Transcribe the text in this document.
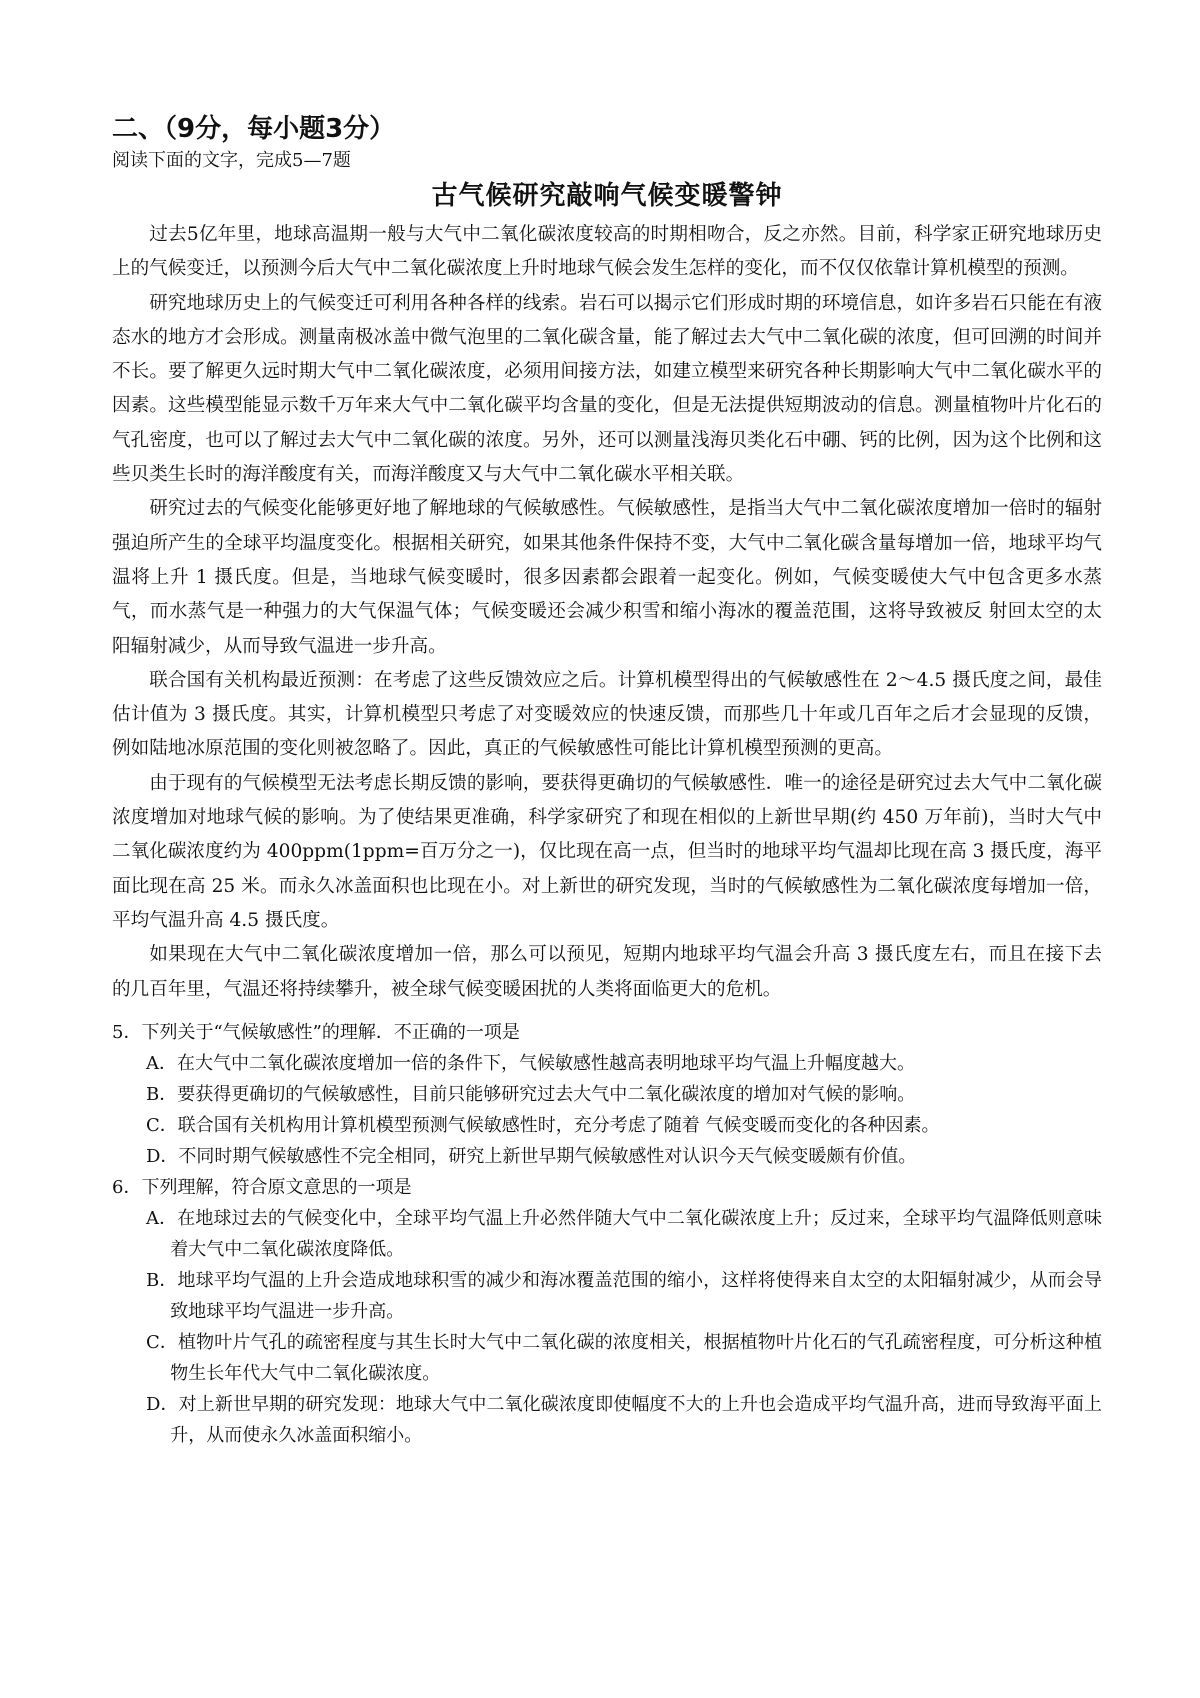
二、（9分，每小题3分）

阅读下面的文字，完成5—7题

古气候研究敲响气候变暖警钟

过去5亿年里，地球高温期一般与大气中二氧化碳浓度较高的时期相吻合，反之亦然。目前，科学家正研究地球历史上的气候变迁，以预测今后大气中二氧化碳浓度上升时地球气候会发生怎样的变化，而不仅仅依靠计算机模型的预测。

研究地球历史上的气候变迁可利用各种各样的线索。岩石可以揭示它们形成时期的环境信息，如许多岩石只能在有液态水的地方才会形成。测量南极冰盖中微气泡里的二氧化碳含量，能了解过去大气中二氧化碳的浓度，但可回溯的时间并不长。要了解更久远时期大气中二氧化碳浓度，必须用间接方法，如建立模型来研究各种长期影响大气中二氧化碳水平的因素。这些模型能显示数千万年来大气中二氧化碳平均含量的变化，但是无法提供短期波动的信息。测量植物叶片化石的气孔密度，也可以了解过去大气中二氧化碳的浓度。另外，还可以测量浅海贝类化石中硼、钙的比例，因为这个比例和这些贝类生长时的海洋酸度有关，而海洋酸度又与大气中二氧化碳水平相关联。

研究过去的气候变化能够更好地了解地球的气候敏感性。气候敏感性，是指当大气中二氧化碳浓度增加一倍时的辐射强迫所产生的全球平均温度变化。根据相关研究，如果其他条件保持不变，大气中二氧化碳含量每增加一倍，地球平均气温将上升 1 摄氏度。但是，当地球气候变暖时，很多因素都会跟着一起变化。例如，气候变暖使大气中包含更多水蒸气，而水蒸气是一种强力的大气保温气体；气候变暖还会减少积雪和缩小海冰的覆盖范围，这将导致被反 射回太空的太阳辐射减少，从而导致气温进一步升高。

联合国有关机构最近预测：在考虑了这些反馈效应之后。计算机模型得出的气候敏感性在 2～4.5 摄氏度之间，最佳估计值为 3 摄氏度。其实，计算机模型只考虑了对变暖效应的快速反馈，而那些几十年或几百年之后才会显现的反馈，例如陆地冰原范围的变化则被忽略了。因此，真正的气候敏感性可能比计算机模型预测的更高。

由于现有的气候模型无法考虑长期反馈的影响，要获得更确切的气候敏感性．唯一的途径是研究过去大气中二氧化碳浓度增加对地球气候的影响。为了使结果更准确，科学家研究了和现在相似的上新世早期(约 450 万年前)，当时大气中二氧化碳浓度约为 400ppm(1ppm=百万分之一)，仅比现在高一点，但当时的地球平均气温却比现在高 3 摄氏度，海平面比现在高 25 米。而永久冰盖面积也比现在小。对上新世的研究发现，当时的气候敏感性为二氧化碳浓度每增加一倍，平均气温升高 4.5 摄氏度。

如果现在大气中二氧化碳浓度增加一倍，那么可以预见，短期内地球平均气温会升高 3 摄氏度左右，而且在接下去的几百年里，气温还将持续攀升，被全球气候变暖困扰的人类将面临更大的危机。

5．下列关于“气候敏感性”的理解．不正确的一项是

A．在大气中二氧化碳浓度增加一倍的条件下，气候敏感性越高表明地球平均气温上升幅度越大。

B．要获得更确切的气候敏感性，目前只能够研究过去大气中二氧化碳浓度的增加对气候的影响。

C．联合国有关机构用计算机模型预测气候敏感性时，充分考虑了随着 气候变暖而变化的各种因素。

D．不同时期气候敏感性不完全相同，研究上新世早期气候敏感性对认识今天气候变暖颇有价值。

6．下列理解，符合原文意思的一项是

A．在地球过去的气候变化中，全球平均气温上升必然伴随大气中二氧化碳浓度上升；反过来，全球平均气温降低则意味着大气中二氧化碳浓度降低。

B．地球平均气温的上升会造成地球积雪的减少和海冰覆盖范围的缩小，这样将使得来自太空的太阳辐射减少，从而会导致地球平均气温进一步升高。

C．植物叶片气孔的疏密程度与其生长时大气中二氧化碳的浓度相关，根据植物叶片化石的气孔疏密程度，可分析这种植物生长年代大气中二氧化碳浓度。

D．对上新世早期的研究发现：地球大气中二氧化碳浓度即使幅度不大的上升也会造成平均气温升高，进而导致海平面上升，从而使永久冰盖面积缩小。
